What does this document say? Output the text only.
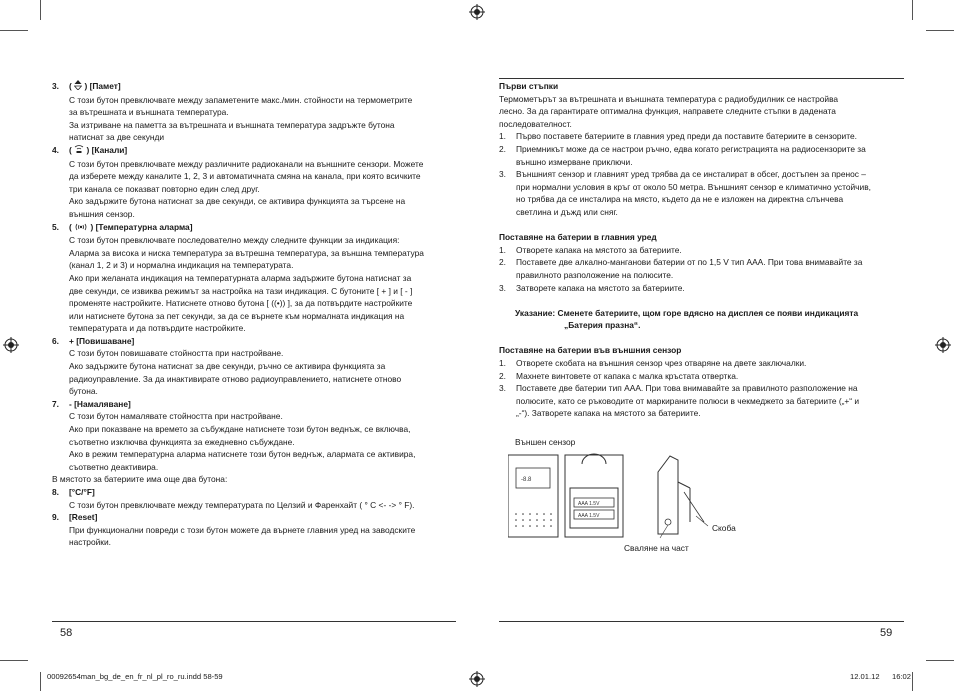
3.	(  ) [Памет]

С този бутон превключвате между запаметените макс./мин. стойности на термометрите

за вътрешната и външната температура.

За изтриване на паметта за вътрешната и външната температура задръжте бутона

натиснат за две секунди

4.	(  ) [Канали]

С този бутон превключвате между различните радиоканали на външните сензори. Можете

да изберете между каналите 1, 2, 3 и автоматичната смяна на канала, при която всичките

три канала се показват повторно един след друг.

Ако задържите бутона натиснат за две секунди, се активира функцията за търсене на

външния сензор.

5.	(  ) [Температурна аларма]

С този бутон превключвате последователно между следните функции за индикация:

Аларма за висока и ниска температура за вътрешна температура, за външна температура

(канал 1, 2 и 3) и нормална индикация на температурата.

Ако при желаната индикация на температурната аларма задържите бутона натиснат за

две секунди, се извиква режимът за настройка на тази индикация. С бутоните [ + ] и [ - ]

променяте настройките. Натиснете отново бутона [ ((•)) ], за да потвърдите настройките

или натиснете бутона за пет секунди, за да се върнете към нормалната индикация на

температурата и да потвърдите настройките.

6.	+ [Повишаване]

С този бутон повишавате стойността при настройване.

Ако задържите бутона натиснат за две секунди, ръчно се активира функцията за

радиоуправление. За да инактивирате отново радиоуправлението, натиснете отново

бутона.

7.	- [Намаляване]

С този бутон намалявате стойността при настройване.

Ако при показване на времето за събуждане натиснете този бутон веднъж, се включва,

съответно изключва функцията за ежедневно събуждане.

Ако в режим температурна аларма натиснете този бутон веднъж, алармата се активира,

съответно деактивира.

В мястото за батериите има още два бутона:

8.	[°C/°F]

С този бутон превключвате между температурата по Целзий и Фаренхайт ( ° C <- -> ° F).

9.	[Reset]

При функционални повреди с този бутон можете да върнете главния уред на заводските

настройки.

Първи стъпки

Термометърът за вътрешната и външната температура с радиобудилник се настройва

лесно. За да гарантирате оптимална функция, направете следните стъпки в дадената

последователност.

1.	Първо поставете батериите в главния уред преди да поставите батериите в сензорите.
2.	Приемникът може да се настрои ръчно, едва когато регистрацията на радиосензорите за
външно измерване приключи.
3.	Външният сензор и главният уред трябва да се инсталират в обсег, достъпен за пренос –
при нормални условия в кръг от около 50 метра. Външният сензор е климатично устойчив,
но трябва да се инсталира на място, където да не е изложен на директна слънчева
светлина и дъжд или сняг.

Поставяне на батерии в главния уред

1.	Отворете капака на мястото за батериите.
2.	Поставете две алкално-манганови батерии от по 1,5 V тип AAA. При това внимавайте за
правилното разположение на полюсите.
3.	Затворете капака на мястото за батериите.

Указание: Сменете батериите, щом горе вдясно на дисплея се появи индикацията

„Батерия празна“.

Поставяне на батерии във външния сензор

1.	Отворете скобата на външния сензор чрез отваряне на двете заключалки.
2.	Махнете винтовете от капака с малка кръстата отвертка.
3.	Поставете две батерии тип AAA. При това внимавайте за правилното разположение на
полюсите, като се ръководите от маркираните полюси в чекмеджето за батериите („+“ и
„-“). Затворете капака на мястото за батериите.
Външен сензор
-8.8
AAA 1.5V
AAA 1.5V
Скоба
Сваляне на част
58	59
00092654man_bg_de_en_fr_nl_pl_ro_ru.indd 58-59	12.01.12 16:02
